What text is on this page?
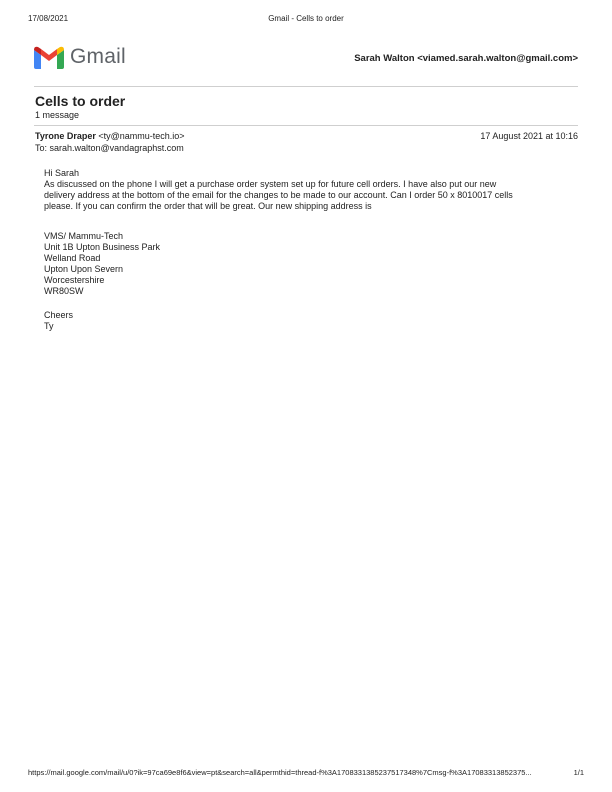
17/08/2021	Gmail - Cells to order
Gmail	Sarah Walton <viamed.sarah.walton@gmail.com>
Cells to order
1 message
Tyrone Draper <ty@nammu-tech.io>	17 August 2021 at 10:16
To: sarah.walton@vandagraphst.com

Hi Sarah

As discussed on the phone I will get a purchase order system set up for future cell orders. I have also put our new

delivery address at the bottom of the email for the changes to be made to our account. Can I order 50 x 8010017 cells

please. If you can confirm the order that will be great. Our new shipping address is

VMS/ Mammu-Tech

Unit 1B Upton Business Park

Welland Road

Upton Upon Severn

Worcestershire

WR80SW

Cheers

Ty

https://mail.google.com/mail/u/0?ik=97ca69e8f6&view=pt&search=all&permthid=thread-f%3A1708331385237517348%7Cmsg-f%3A17083313852375...	1/1
